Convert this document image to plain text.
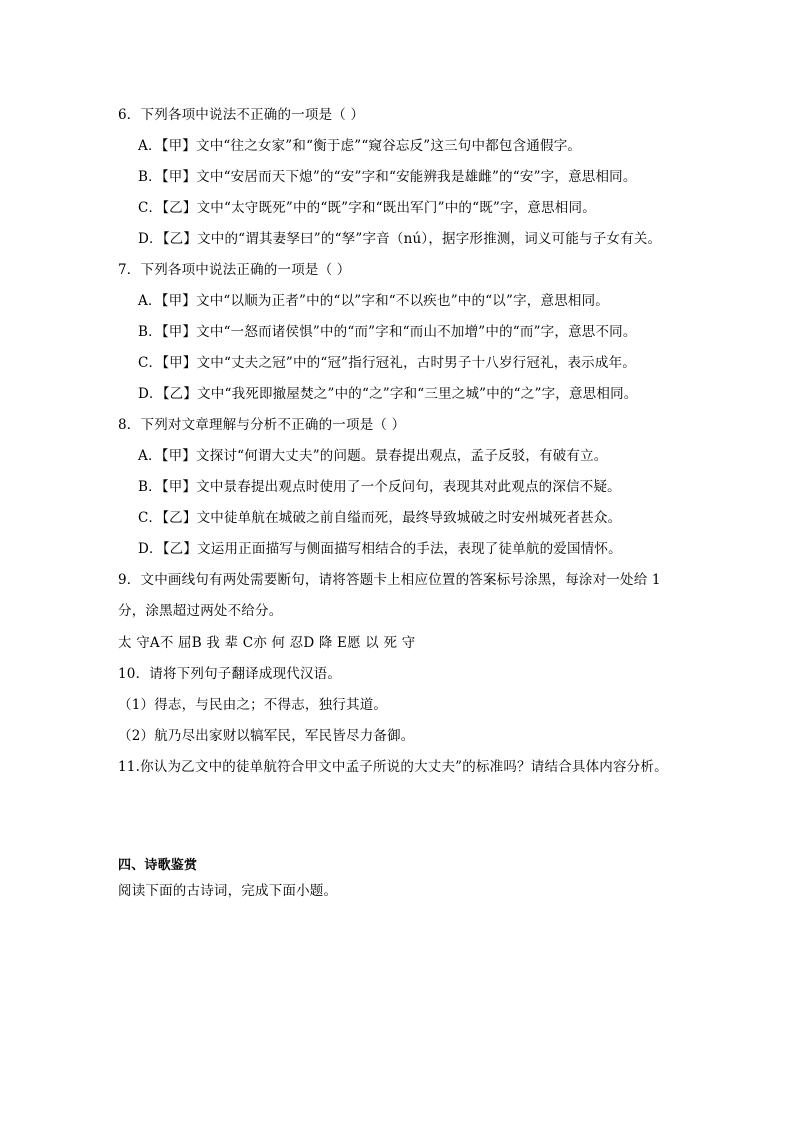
6．下列各项中说法不正确的一项是（ ）
A．【甲】文中“往之女家”和“衡于虑”“窥谷忘反”这三句中都包含通假字。
B．【甲】文中“安居而天下熄”的“安”字和“安能辨我是雄雌”的“安”字，意思相同。
C．【乙】文中“太守既死”中的“既”字和“既出军门”中的“既”字，意思相同。
D．【乙】文中的“谓其妻孥曰”的“孥”字音（nú），据字形推测，词义可能与子女有关。
7．下列各项中说法正确的一项是（ ）
A．【甲】文中“以顺为正者”中的“以”字和“不以疾也”中的“以”字，意思相同。
B．【甲】文中“一怒而诸侯惧”中的“而”字和“而山不加增”中的“而”字，意思不同。
C．【甲】文中“丈夫之冠”中的“冠”指行冠礼，古时男子十八岁行冠礼，表示成年。
D．【乙】文中“我死即撤屋焚之”中的“之”字和“三里之城”中的“之”字，意思相同。
8．下列对文章理解与分析不正确的一项是（ ）
A．【甲】文探讨“何谓大丈夫”的问题。景春提出观点，孟子反驳，有破有立。
B．【甲】文中景春提出观点时使用了一个反问句，表现其对此观点的深信不疑。
C．【乙】文中徒单航在城破之前自缢而死，最终导致城破之时安州城死者甚众。
D．【乙】文运用正面描写与侧面描写相结合的手法，表现了徒单航的爱国情怀。
9．文中画线句有两处需要断句，请将答题卡上相应位置的答案标号涂黑，每涂对一处给 1
分，涂黑超过两处不给分。
太 守A不 屈B 我 辈 C亦 何 忍D 降 E愿 以 死 守
10．请将下列句子翻译成现代汉语。
（1）得志，与民由之；不得志，独行其道。
（2）航乃尽出家财以犒军民，军民皆尽力备御。
11.你认为乙文中的徒单航符合甲文中孟子所说的大丈夫”的标准吗？请结合具体内容分析。
四、诗歌鉴赏
阅读下面的古诗词，完成下面小题。
